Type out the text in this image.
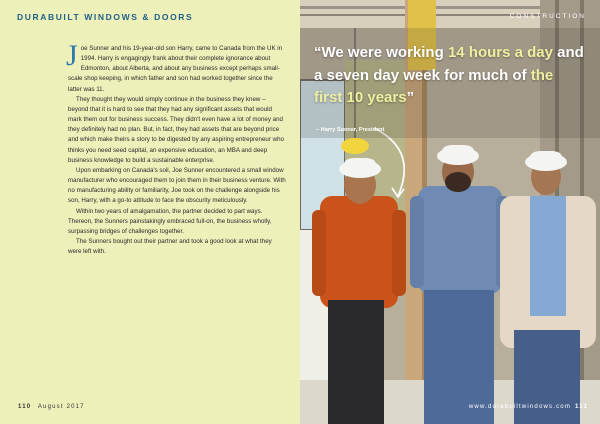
DURABUILT WINDOWS & DOORS

Joe Sunner and his 19-year-old son Harry, came to Canada from the UK in 1994. Harry is engagingly frank about their complete ignorance about Edmonton, about Alberta, and about any business except perhaps small-scale shop keeping, in which father and son had worked together since the latter was 11.

They thought they would simply continue in the business they knew – beyond that it is hard to see that they had any significant assets that would mark them out for business success. They didn't even have a lot of money and they definitely had no plan. But, in fact, they had assets that are beyond price and which make theirs a story to be digested by any aspiring entrepreneur who thinks you need seed capital, an expensive education, an MBA and deep business knowledge to build a sustainable enterprise.

Upon embarking on Canada's soil, Joe Sunner encountered a small window manufacturer who encouraged them to join them in their business venture. With no manufacturing ability or familiarity, Joe took on the challenge alongside his son, Harry, with a go-to attitude to face the obscurity meticulously.

Within two years of amalgamation, the partner decided to part ways. Thereon, the Sunners painstakingly embraced full-on, the business wholly, surpassing bridges of challenges together.

The Sunners bought out their partner and took a good look at what they were left with.

110 August 2017
CONSTRUCTION
“We were working 14 hours a day and a seven day week for much of the first 10 years”
– Harry Sunner, President
www.durabuiltwindows.com 111
